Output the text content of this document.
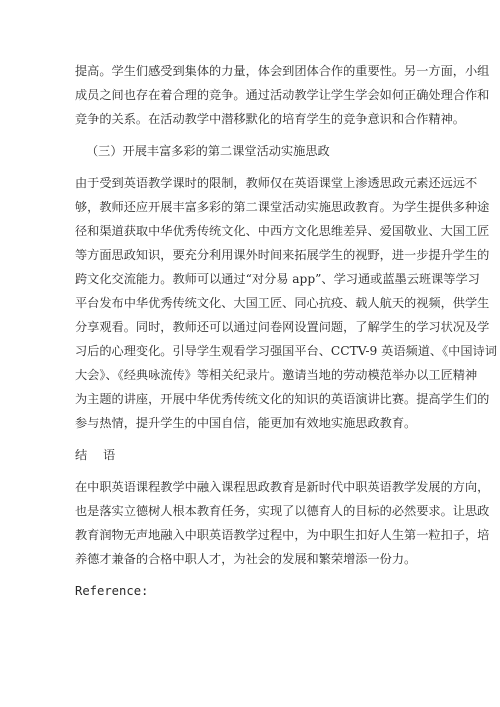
提高。学生们感受到集体的力量，体会到团体合作的重要性。另一方面，小组
成员之间也存在着合理的竞争。通过活动教学让学生学会如何正确处理合作和
竞争的关系。在活动教学中潜移默化的培育学生的竞争意识和合作精神。
（三）开展丰富多彩的第二课堂活动实施思政
由于受到英语教学课时的限制，教师仅在英语课堂上渗透思政元素还远远不
够，教师还应开展丰富多彩的第二课堂活动实施思政教育。为学生提供多种途
径和渠道获取中华优秀传统文化、中西方文化思维差异、爱国敬业、大国工匠
等方面思政知识，要充分利用课外时间来拓展学生的视野，进一步提升学生的
跨文化交流能力。教师可以通过“对分易 app”、学习通或蓝墨云班课等学习
平台发布中华优秀传统文化、大国工匠、同心抗疫、载人航天的视频，供学生
分享观看。同时，教师还可以通过问卷网设置问题，了解学生的学习状况及学
习后的心理变化。引导学生观看学习强国平台、CCTV-9 英语频道、《中国诗词
大会》、《经典咏流传》等相关纪录片。邀请当地的劳动模范举办以工匠精神
为主题的讲座，开展中华优秀传统文化的知识的英语演讲比赛。提高学生们的
参与热情，提升学生的中国自信，能更加有效地实施思政教育。
结 语
在中职英语课程教学中融入课程思政教育是新时代中职英语教学发展的方向，
也是落实立德树人根本教育任务，实现了以德育人的目标的必然要求。让思政
教育润物无声地融入中职英语教学过程中，为中职生扣好人生第一粒扣子，培
养德才兼备的合格中职人才，为社会的发展和繁荣增添一份力。
Reference:
